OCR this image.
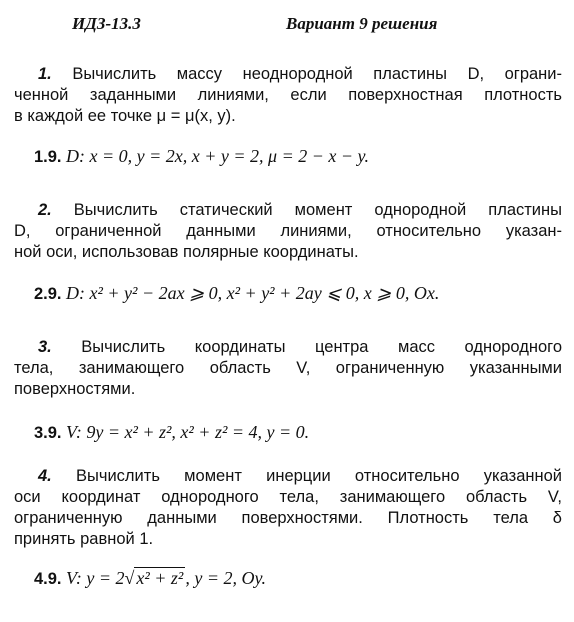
ИДЗ-13.3	Вариант 9 решения
1. Вычислить массу неоднородной пластины D, ограни-
ченной заданными линиями, если поверхностная плотность
в каждой ее точке μ = μ(x, y).
1.9. D: x = 0, y = 2x, x + y = 2, μ = 2 − x − y.
2. Вычислить статический момент однородной пластины
D, ограниченной данными линиями, относительно указан-
ной оси, использовав полярные координаты.
2.9. D: x² + y² − 2ax ⩾ 0, x² + y² + 2ay ⩽ 0, x ⩾ 0, Ox.
3. Вычислить координаты центра масс однородного
тела, занимающего область V, ограниченную указанными
поверхностями.
3.9. V: 9y = x² + z², x² + z² = 4, y = 0.
4. Вычислить момент инерции относительно указанной
оси координат однородного тела, занимающего область V,
ограниченную данными поверхностями. Плотность тела δ
принять равной 1.
4.9. V: y = 2√ x² + z² , y = 2, Oy.
